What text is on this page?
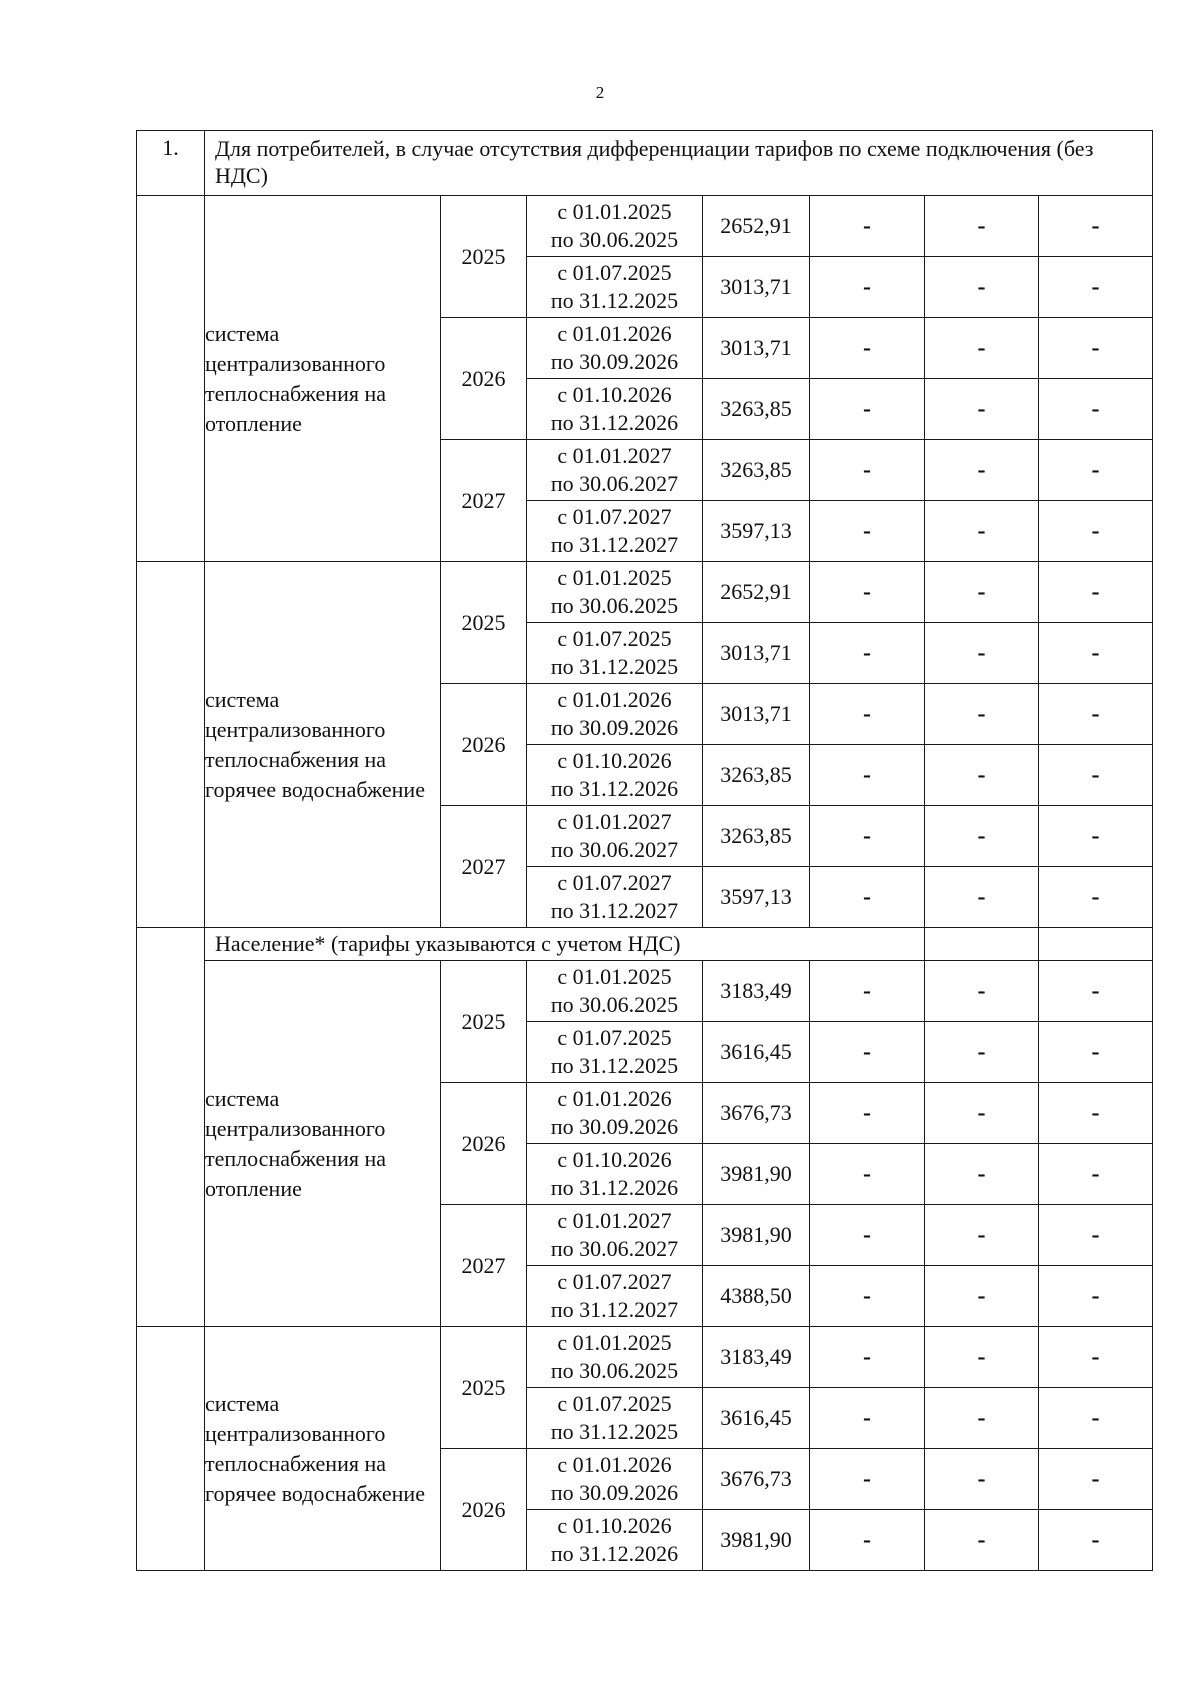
2
1.	Для потребителей, в случае отсутствия дифференциации тарифов по схеме подключения (без НДС)						
	система централизованного теплоснабжения на отопление	2025	с 01.01.2025
по 30.06.2025	2652,91	-	-	-

			с 01.07.2025
по 31.12.2025	3013,71	-	-	-
		2026	с 01.01.2026
по 30.09.2026	3013,71	-	-	-

			с 01.10.2026
по 31.12.2026	3263,85	-	-	-
		2027	с 01.01.2027
по 30.06.2027	3263,85	-	-	-

			с 01.07.2027
по 31.12.2027	3597,13	-	-	-
	система централизованного теплоснабжения на горячее водоснабжение	2025	с 01.01.2025
по 30.06.2025	2652,91	-	-	-

			с 01.07.2025
по 31.12.2025	3013,71	-	-	-
		2026	с 01.01.2026
по 30.09.2026	3013,71	-	-	-

			с 01.10.2026
по 31.12.2026	3263,85	-	-	-
		2027	с 01.01.2027
по 30.06.2027	3263,85	-	-	-

			с 01.07.2027
по 31.12.2027	3597,13	-	-	-
	Население* (тарифы указываются с учетом НДС)						
	система централизованного теплоснабжения на отопление	2025	с 01.01.2025
по 30.06.2025	3183,49	-	-	-

			с 01.07.2025
по 31.12.2025	3616,45	-	-	-
		2026	с 01.01.2026
по 30.09.2026	3676,73	-	-	-

			с 01.10.2026
по 31.12.2026	3981,90	-	-	-
		2027	с 01.01.2027
по 30.06.2027	3981,90	-	-	-

			с 01.07.2027
по 31.12.2027	4388,50	-	-	-
	система централизованного теплоснабжения на горячее водоснабжение	2025	с 01.01.2025
по 30.06.2025	3183,49	-	-	-

			с 01.07.2025
по 31.12.2025	3616,45	-	-	-
		2026	с 01.01.2026
по 30.09.2026	3676,73	-	-	-

			с 01.10.2026
по 31.12.2026	3981,90	-	-	-
